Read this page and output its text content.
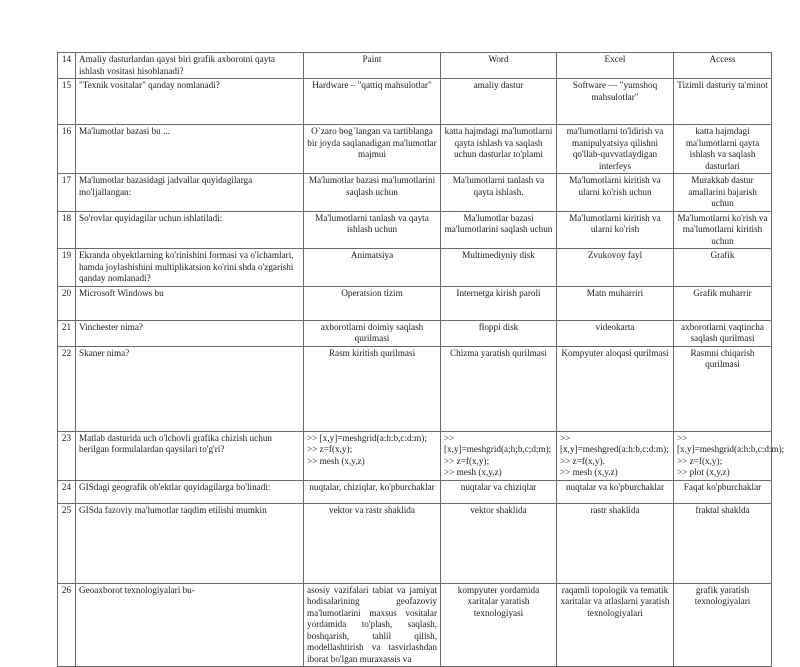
14	Amaliy dasturlardan qaysi biri grafik axborotni qayta ishlash vositasi hisoblanadi?	Paint	Word	Excel	Access
15	"Texnik vositalar" qanday nomlanadi?	Hardware – "qattiq mahsulotlar"	amaliy dastur	Software — "yumshoq mahsulotlar"	Tizimli dasturiy ta'minot
16	Ma'lumotlar bazasi bu ...	O`zaro bog`langan va tartiblanga bir joyda saqlanadigan ma'lumotlar majmui	katta hajmdagi ma'lumotlarni qayta ishlash va saqlash uchun dasturlar to'plami	ma'lumotlarni to'ldirish va manipulyatsiya qilishni qo'llab-quvvatlaydigan interfeys	katta hajmdagi ma'lumotlarni qayta ishlash va saqlash dasturlari
17	Ma'lumotlar bazasidagi jadvallar quyidagilarga mo'ljallangan:	Ma'lumotlar bazasi ma'lumotlarini saqlash uchun	Ma'lumotlarni tanlash va qayta ishlash.	Ma'lumotlarni kiritish va ularni ko'rish uchun	Murakkab dastur amallarini bajarish uchun
18	So'rovlar quyidagilar uchun ishlatiladi:	Ma'lumotlarni tanlash va qayta ishlash uchun	Ma'lumotlar bazasi ma'lumotlarini saqlash uchun	Ma'lumotlarni kiritish va ularni ko'rish	Ma'lumotlarni ko'rish va ma'lumotlarni kiritish uchun
19	Ekranda obyektlarning ko'rinishini formasi va o'lchamlari, hamda joylashishini multiplikatsion ko'rini shda o'zgarishi qanday nomlanadi?	Animatsiya	Multimediyniy disk	Zvukovoy fayl	Grafik
20	Microsoft Windows bu	Operatsion tizim	Internetga kirish paroli	Matn muharriri	Grafik muharrir
21	Vinchester nima?	axborotlarni doimiy saqlash qurilmasi	floppi disk	videokarta	axborotlarni vaqtincha saqlash qurilmasi
22	Skaner nima?	Rasm kiritish qurilmasi	Chizma yaratish qurilmasi	Kompyuter aloqasi qurilmasi	Rasmni chiqarish qurilmasi
23	Matlab dasturida uch o'lchovli grafika chizish uchun berilgan formulalardan qaysilari to'g'ri?	>> [x,y]=meshgrid(a:h:b,c:d:m);
>> z=f(x,y);
>> mesh (x,y,z)	>>
[x,y]=meshgrid(a;h;b,c;d;m);
>> z=f(x,y);
>> mesh (x,y,z)	>>
[x,y]=meshgred(a:h:b,c:d:m);
>> z=f(x,y).
>> mesh (x,y.z)	>>
[x,y]=meshgrid(a:h:b,c:d:m);
>> z=f(x,y);
>> plot (x,y,z)
24	GISdagi geografik ob'ektlar quyidagilarga bo'linadi:	nuqtalar, chiziqlar, ko'pburchaklar	nuqtalar va chiziqlar	nuqtalar va ko'pburchaklar	Faqat ko'pburchaklar
25	GISda fazoviy ma'lumotlar taqdim etilishi mumkin	vektor va rastr shaklida	vektor shaklida	rastr shaklida	fraktal shaklda
26	Geoaxborot texnologiyalari bu-	asosiy vazifalari tabiat va jamiyat hodisalarining geofazoviy ma'lumotlarini maxsus vositalar yordamida to'plash, saqlash, boshqarish, tahlil qilish, modellashtirish va tasvirlashdan iborat bo'lgan muraxassis va	kompyuter yordamida xaritalar yaratish texnologiyasi	raqamli topologik va tematik xaritalar va atlaslarni yaratish texnologiyalari	grafik yaratish texnologiyalari
